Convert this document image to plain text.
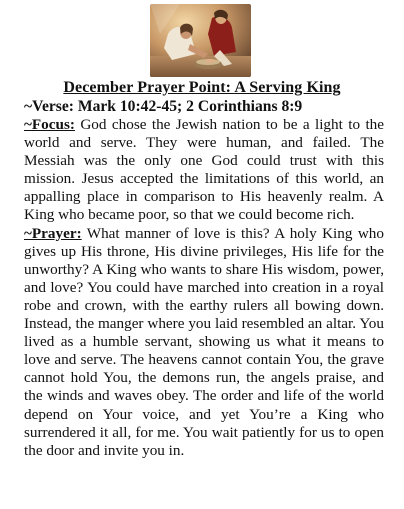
December Prayer Point: A Serving King
~Verse: Mark 10:42-45; 2 Corinthians 8:9

~Focus: God chose the Jewish nation to be a light to the world and serve. They were human, and failed. The Messiah was the only one God could trust with this mission. Jesus accepted the limitations of this world, an appalling place in comparison to His heavenly realm. A King who became poor, so that we could become rich.

~Prayer: What manner of love is this? A holy King who gives up His throne, His divine privileges, His life for the unworthy? A King who wants to share His wisdom, power, and love? You could have marched into creation in a royal robe and crown, with the earthy rulers all bowing down. Instead, the manger where you laid resembled an altar. You lived as a humble servant, showing us what it means to love and serve. The heavens cannot contain You, the grave cannot hold You, the demons run, the angels praise, and the winds and waves obey. The order and life of the world depend on Your voice, and yet You’re a King who surrendered it all, for me. You wait patiently for us to open the door and invite you in.
